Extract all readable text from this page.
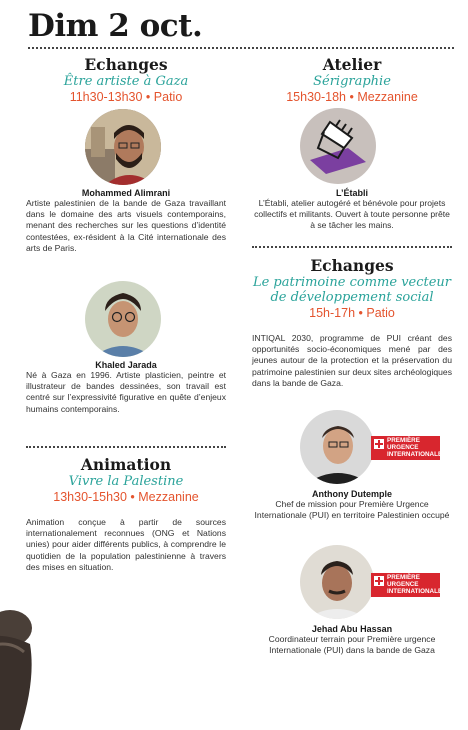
Dim 2 oct.
Echanges
Être artiste à Gaza
11h30-13h30 • Patio
Mohammed Alimrani
Artiste palestinien de la bande de Gaza travaillant dans le domaine des arts visuels contemporains, menant des recherches sur les questions d’identité contestées, ex-résident à la Cité internationale des arts de Paris.
Khaled Jarada
Né à Gaza en 1996. Artiste plasticien, peintre et illustrateur de bandes dessinées, son travail est centré sur l’expressivité figurative en quête d’enjeux humains contemporains.
Animation
Vivre la Palestine
13h30-15h30 • Mezzanine
Animation conçue à partir de sources internationalement reconnues (ONG et Nations unies) pour aider différents publics, à comprendre le quotidien de la population palestinienne à travers des mises en situation.
Atelier
Sérigraphie
15h30-18h • Mezzanine
L’Établi
L’Établi, atelier autogéré et bénévole pour projets collectifs et militants. Ouvert à toute personne prête à se tâcher les mains.
Echanges
Le patrimoine comme vecteur de développement social
15h-17h • Patio
INTIQAL 2030, programme de PUI créant des opportunités socio-économiques mené par des jeunes autour de la protection et la préservation du patrimoine palestinien sur deux sites archéologiques dans la bande de Gaza.
PREMIÈRE URGENCE INTERNATIONALE
Anthony Dutemple
Chef de mission pour Première Urgence Internationale (PUI) en territoire Palestinien occupé
PREMIÈRE URGENCE INTERNATIONALE
Jehad Abu Hassan
Coordinateur terrain pour Première urgence Internationale (PUI) dans la bande de Gaza
